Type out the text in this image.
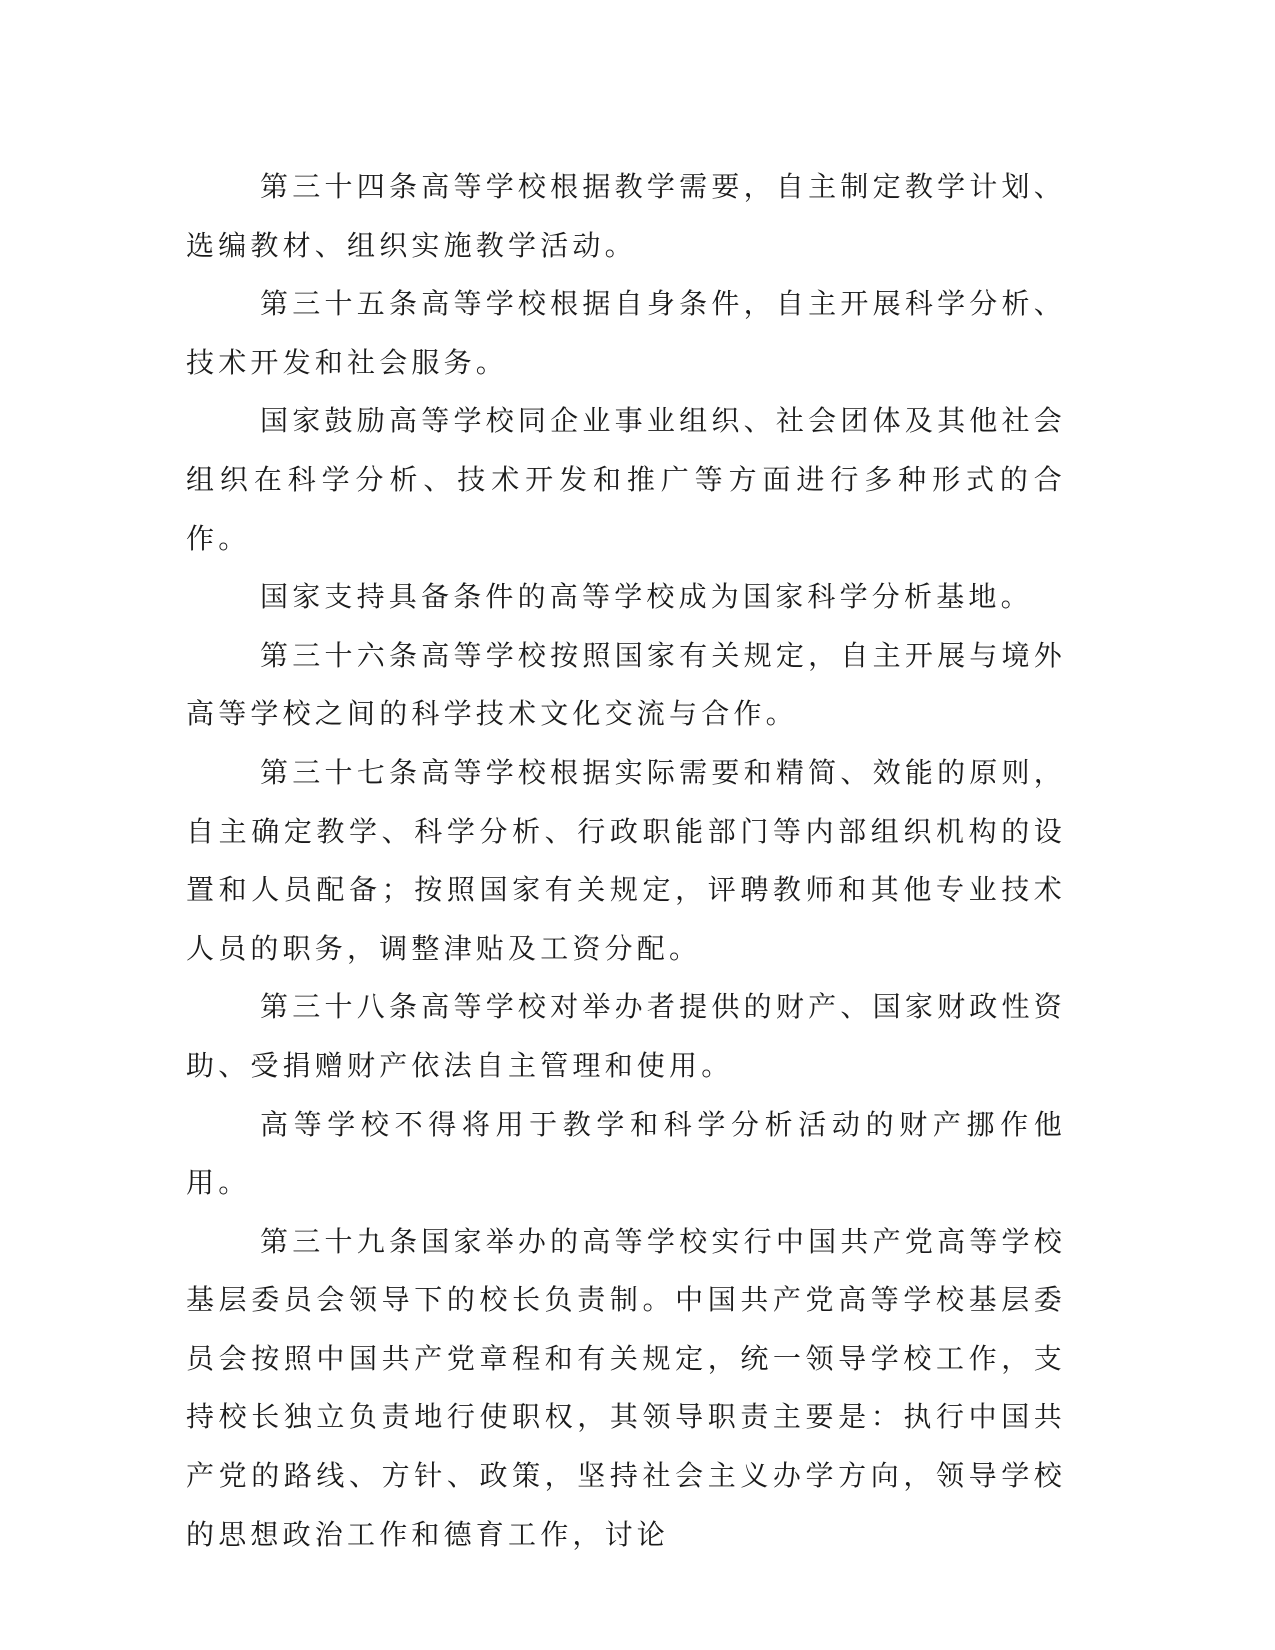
第三十四条高等学校根据教学需要，自主制定教学计划、选编教材、组织实施教学活动。

第三十五条高等学校根据自身条件，自主开展科学分析、技术开发和社会服务。

国家鼓励高等学校同企业事业组织、社会团体及其他社会组织在科学分析、技术开发和推广等方面进行多种形式的合作。

国家支持具备条件的高等学校成为国家科学分析基地。

第三十六条高等学校按照国家有关规定，自主开展与境外高等学校之间的科学技术文化交流与合作。

第三十七条高等学校根据实际需要和精简、效能的原则，自主确定教学、科学分析、行政职能部门等内部组织机构的设置和人员配备；按照国家有关规定，评聘教师和其他专业技术人员的职务，调整津贴及工资分配。

第三十八条高等学校对举办者提供的财产、国家财政性资助、受捐赠财产依法自主管理和使用。

高等学校不得将用于教学和科学分析活动的财产挪作他用。

第三十九条国家举办的高等学校实行中国共产党高等学校基层委员会领导下的校长负责制。中国共产党高等学校基层委员会按照中国共产党章程和有关规定，统一领导学校工作，支持校长独立负责地行使职权，其领导职责主要是：执行中国共产党的路线、方针、政策，坚持社会主义办学方向，领导学校的思想政治工作和德育工作，讨论
